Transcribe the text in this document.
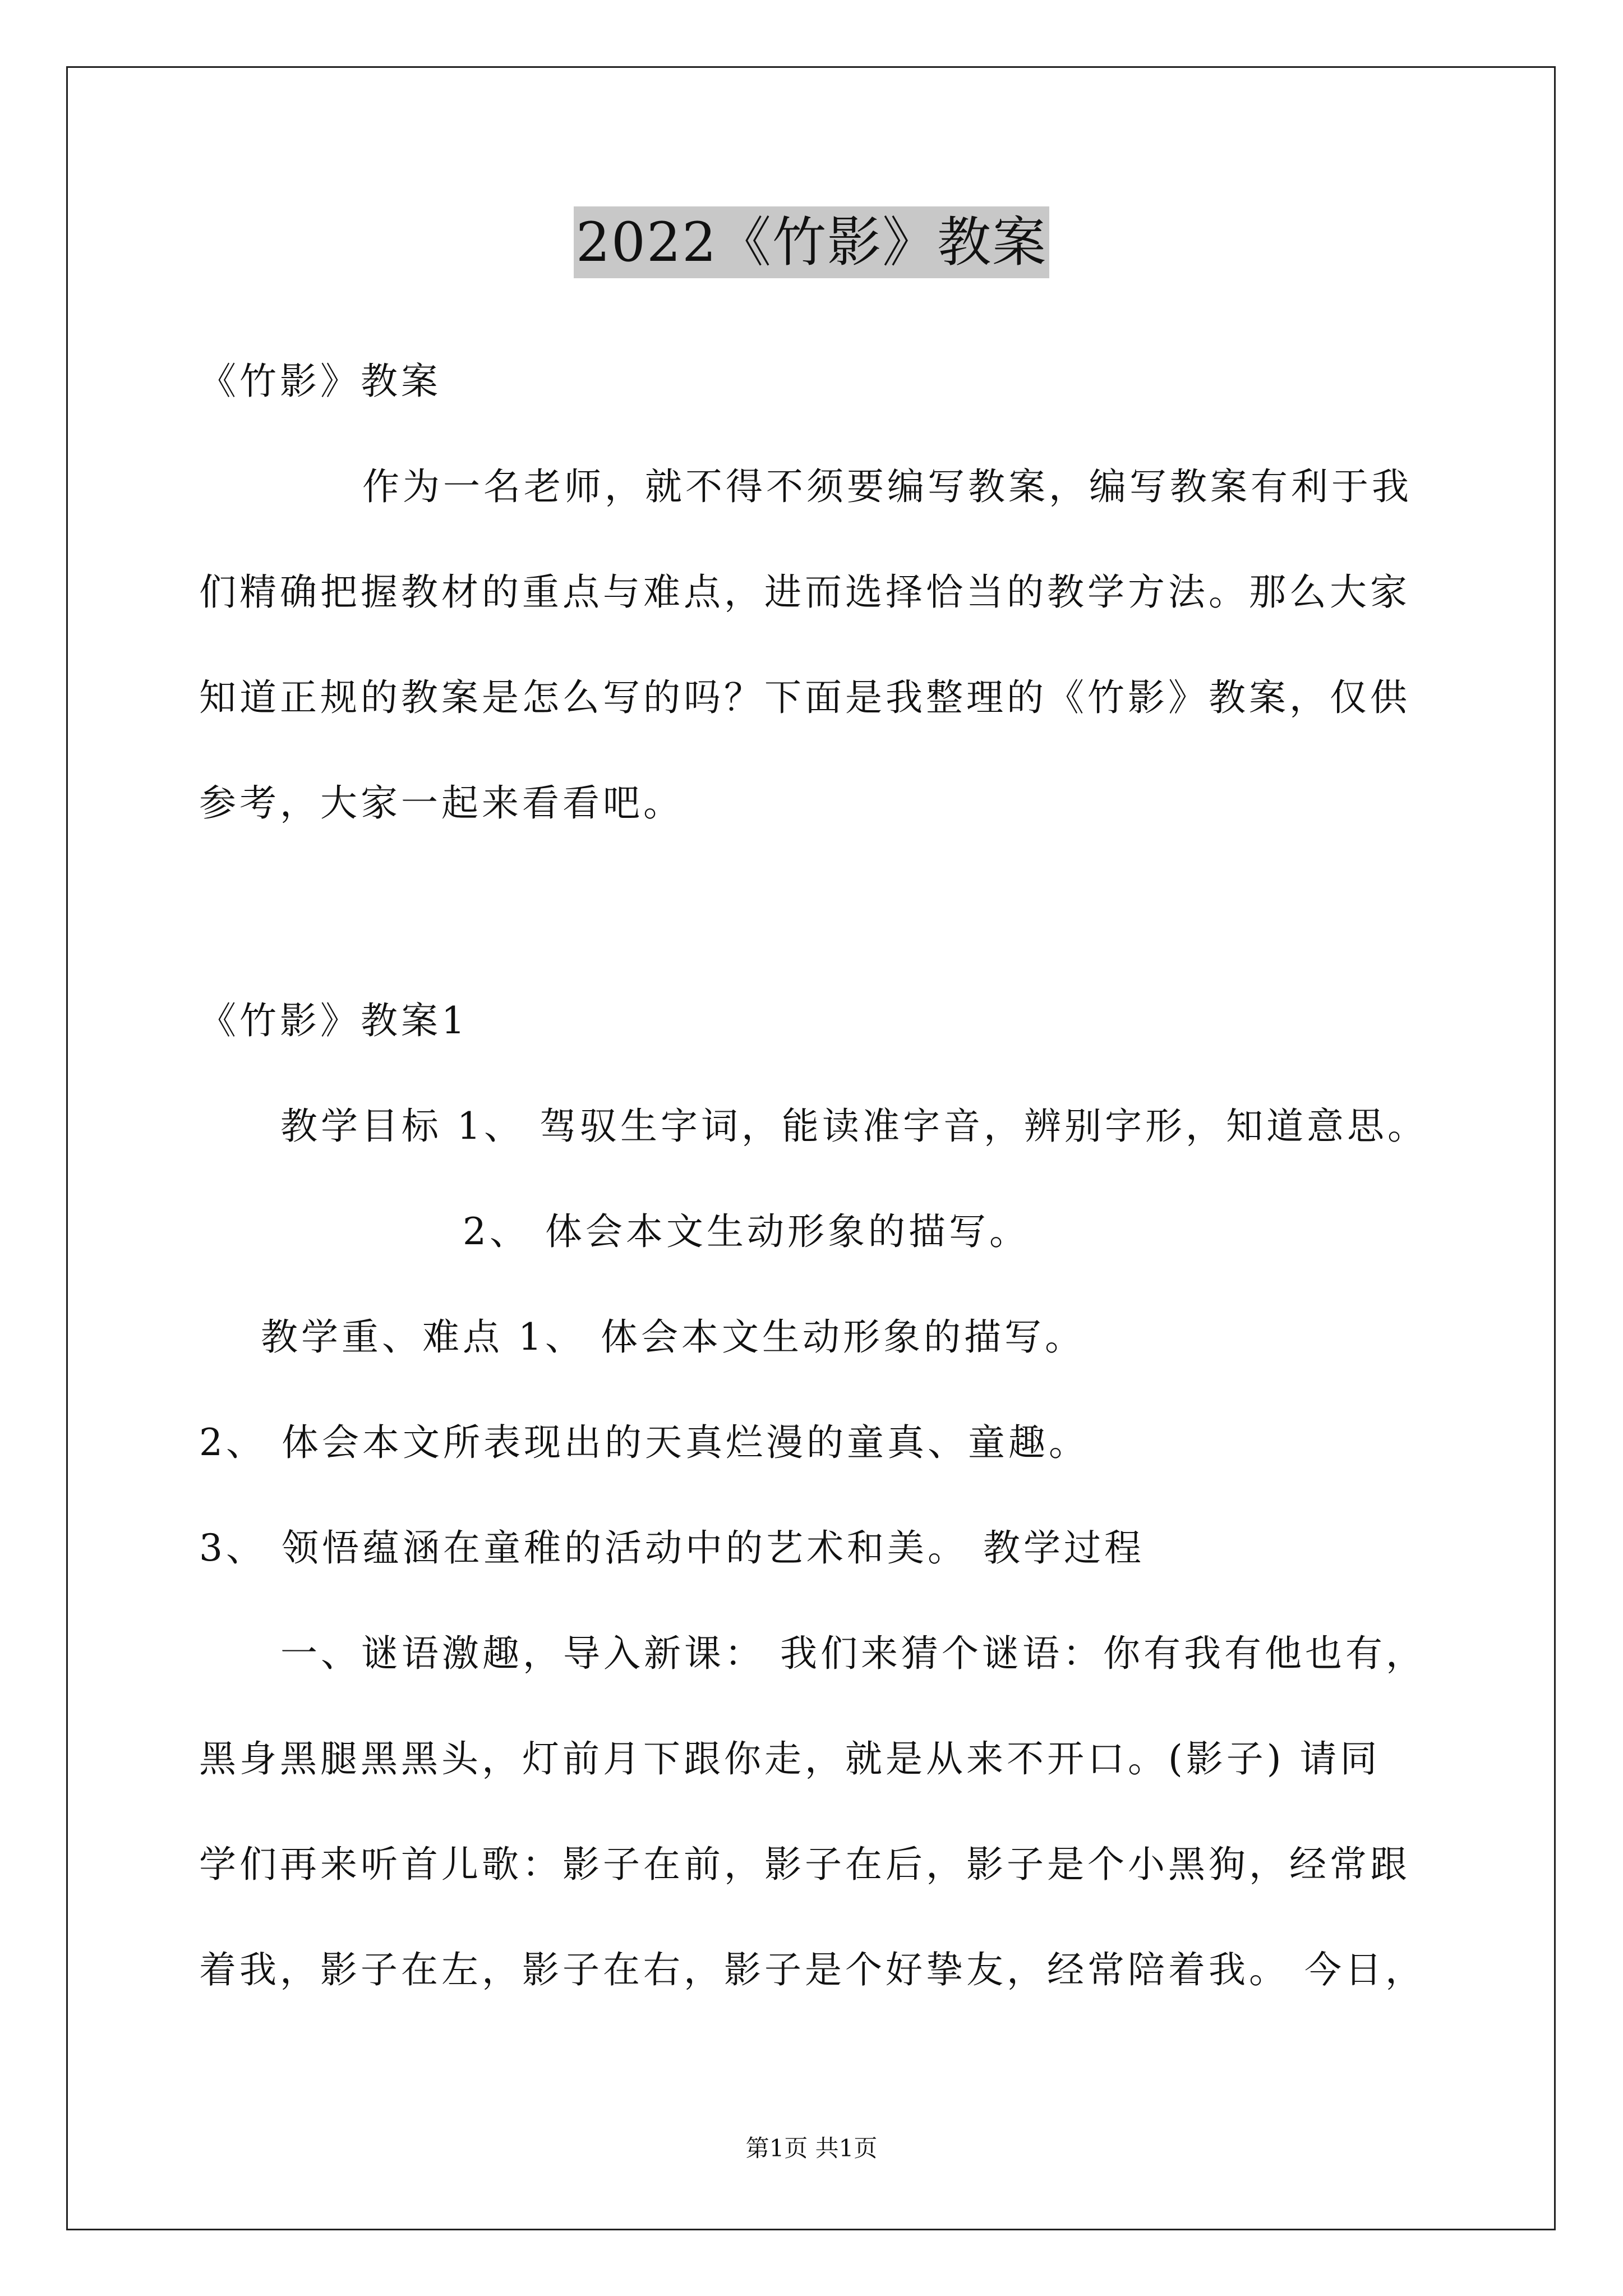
2022《竹影》教案
《竹影》教案
作为一名老师，就不得不须要编写教案，编写教案有利于我
们精确把握教材的重点与难点，进而选择恰当的教学方法。那么大家
知道正规的教案是怎么写的吗？下面是我整理的《竹影》教案，仅供
参考，大家一起来看看吧。
《竹影》教案1
教学目标 1、 驾驭生字词，能读准字音，辨别字形，知道意思。
2、 体会本文生动形象的描写。
教学重、难点 1、 体会本文生动形象的描写。
2、 体会本文所表现出的天真烂漫的童真、童趣。
3、 领悟蕴涵在童稚的活动中的艺术和美。 教学过程
一、谜语激趣，导入新课： 我们来猜个谜语：你有我有他也有，
黑身黑腿黑黑头，灯前月下跟你走，就是从来不开口。(影子) 请同
学们再来听首儿歌：影子在前，影子在后，影子是个小黑狗，经常跟
着我，影子在左，影子在右，影子是个好挚友，经常陪着我。 今日，
第1页 共1页
